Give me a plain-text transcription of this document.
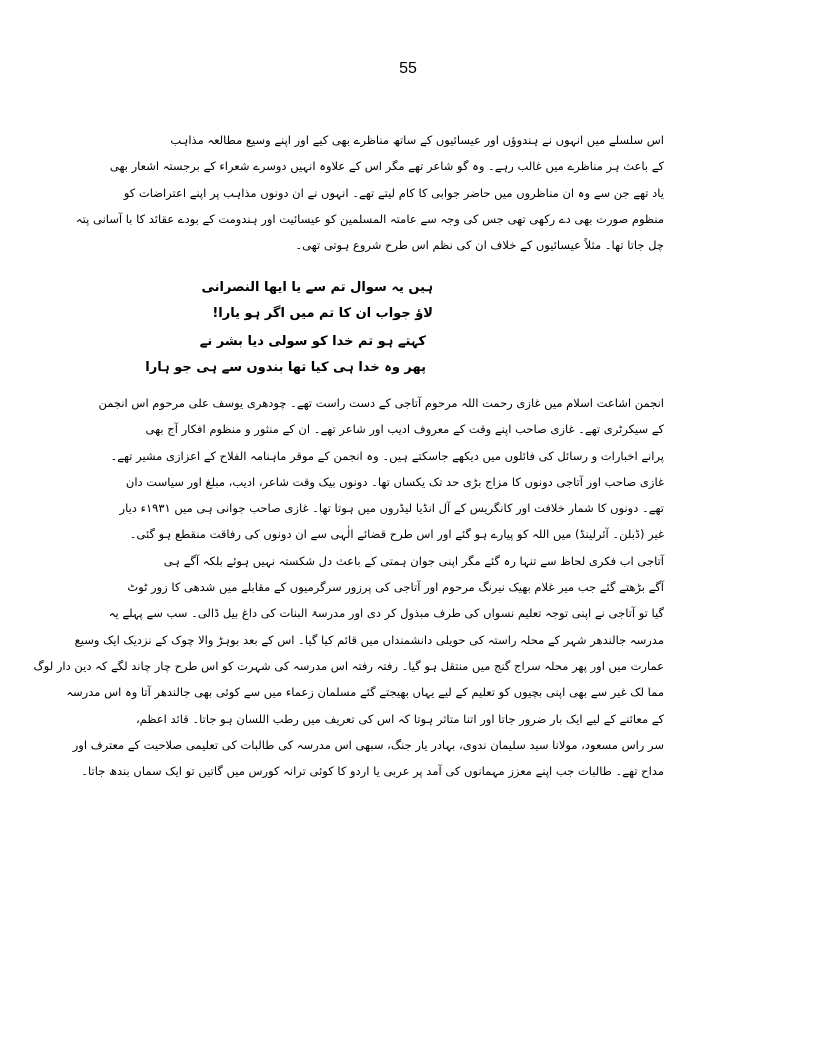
55

اس سلسلے میں انہوں نے ہندوؤں اور عیسائیوں کے ساتھ مناظرے بھی کیے اور اپنے وسیع مطالعہ مذاہب

کے باعث ہر مناظرے میں غالب رہے۔ وہ گو شاعر تھے مگر اس کے علاوہ انہیں دوسرے شعراء کے برجستہ اشعار بھی

یاد تھے جن سے وہ ان مناظروں میں حاضر جوابی کا کام لیتے تھے۔ انہوں نے ان دونوں مذاہب پر اپنے اعتراضات کو

منظوم صورت بھی دے رکھی تھی جس کی وجہ سے عامتہ المسلمین کو عیسائیت اور ہندومت کے بودے عقائد کا با آسانی پتہ

چل جاتا تھا۔ مثلاً عیسائیوں کے خلاف ان کی نظم اس طرح شروع ہوتی تھی۔

ہیں یہ سوال تم سے یا ایھا النصرانی

لاؤ جواب ان کا تم میں اگر ہو یارا!

کہتے ہو تم خدا کو سولی دیا بشر نے

پھر وہ خدا ہی کیا تھا بندوں سے ہی جو ہارا

انجمن اشاعت اسلام میں غازی رحمت اللہ مرحوم آتاجی کے دست راست تھے۔ چودھری یوسف علی مرحوم اس انجمن

کے سیکرٹری تھے۔ غازی صاحب اپنے وقت کے معروف ادیب اور شاعر تھے۔ ان کے منثور و منظوم افکار آج بھی

پرانے اخبارات و رسائل کی فائلوں میں دیکھے جاسکتے ہیں۔ وہ انجمن کے موقر ماہنامہ الفلاح کے اعزازی مشیر تھے۔

غازی صاحب اور آتاجی دونوں کا مزاج بڑی حد تک یکساں تھا۔ دونوں بیک وقت شاعر، ادیب، مبلغ اور سیاست دان

تھے۔ دونوں کا شمار خلافت اور کانگریس کے آل انڈیا لیڈروں میں ہوتا تھا۔ غازی صاحب جوانی ہی میں ۱۹۳۱ء دیار

غیر (ڈبلن۔ آئرلینڈ) میں اللہ کو پیارے ہو گئے اور اس طرح قضائے الٰہی سے ان دونوں کی رفاقت منقطع ہو گئی۔

آتاجی اب فکری لحاظ سے تنہا رہ گئے مگر اپنی جوان ہمتی کے باعث دل شکستہ نہیں ہوئے بلکہ آگے ہی

آگے بڑھتے گئے جب میر غلام بھیک نیرنگ مرحوم اور آتاجی کی پرزور سرگرمیوں کے مقابلے میں شدھی کا زور ٹوٹ

گیا تو آتاجی نے اپنی توجہ تعلیم نسواں کی طرف مبذول کر دی اور مدرسۃ البنات کی داغ بیل ڈالی۔ سب سے پہلے یہ

مدرسہ جالندھر شہر کے محلہ راستہ کی حویلی دانشمنداں میں قائم کیا گیا۔ اس کے بعد بوہڑ والا چوک کے نزدیک ایک وسیع

عمارت میں اور پھر محلہ سراج گنج میں منتقل ہو گیا۔ رفتہ رفتہ اس مدرسہ کی شہرت کو اس طرح چار چاند لگے کہ دین دار لوگ

مما لک غیر سے بھی اپنی بچیوں کو تعلیم کے لیے یہاں بھیجتے گئے مسلمان زعماء میں سے کوئی بھی جالندھر آتا وہ اس مدرسہ

کے معائنے کے لیے ایک بار ضرور جاتا اور اتنا متاثر ہوتا کہ اس کی تعریف میں رطب اللسان ہو جاتا۔ قائد اعظم،

سر راس مسعود، مولانا سید سلیمان ندوی، بہادر یار جنگ، سبھی اس مدرسہ کی طالبات کی تعلیمی صلاحیت کے معترف اور

مداح تھے۔ طالبات جب اپنے معزز مہمانوں کی آمد پر عربی یا اردو کا کوئی ترانہ کورس میں گاتیں تو ایک سماں بندھ جاتا۔
